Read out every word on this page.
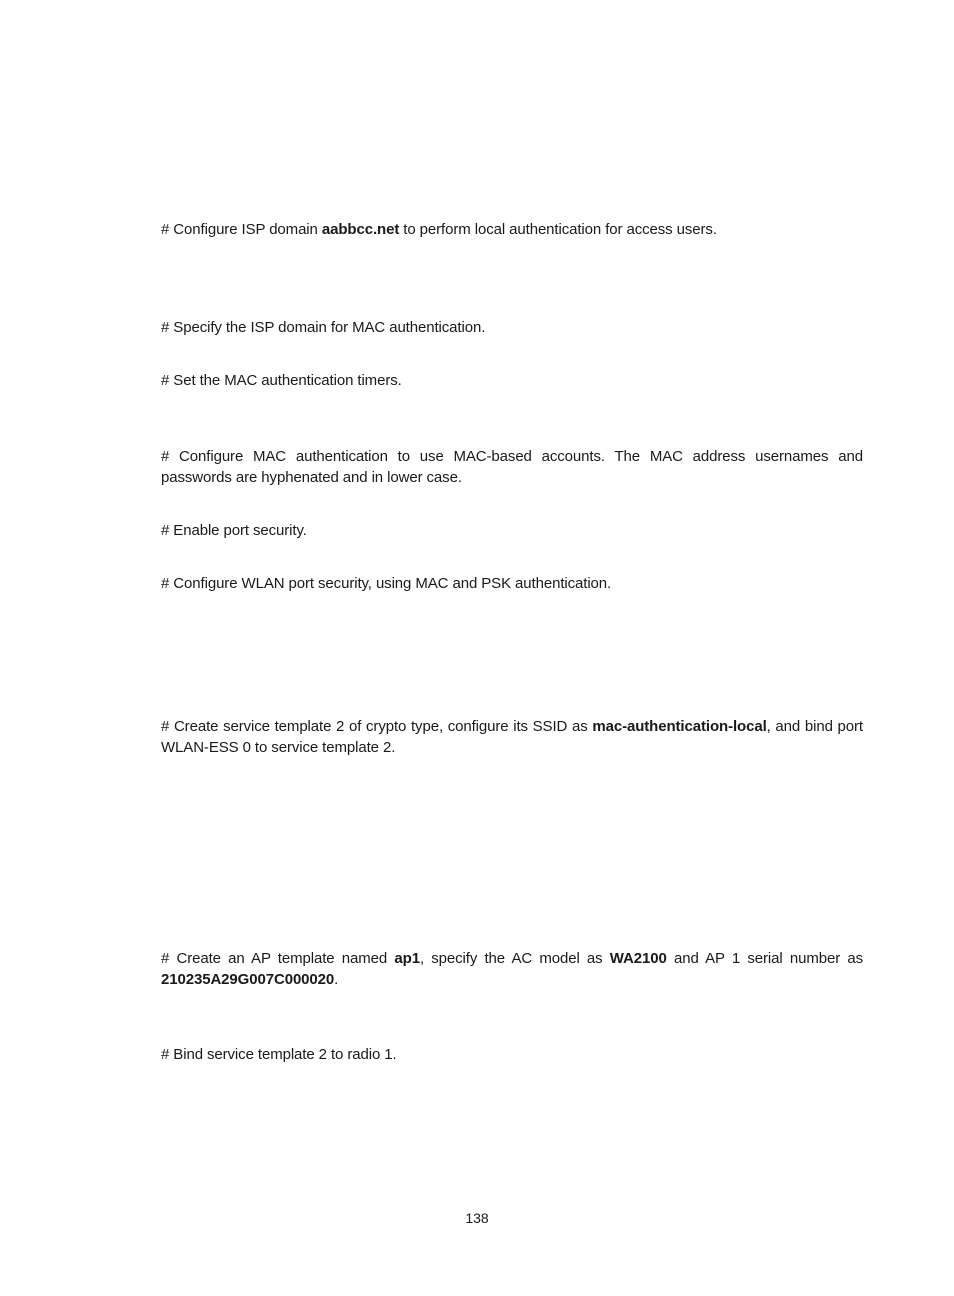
# Configure ISP domain aabbcc.net to perform local authentication for access users.

# Specify the ISP domain for MAC authentication.

# Set the MAC authentication timers.

# Configure MAC authentication to use MAC-based accounts. The MAC address usernames and passwords are hyphenated and in lower case.

# Enable port security.

# Configure WLAN port security, using MAC and PSK authentication.

# Create service template 2 of crypto type, configure its SSID as mac-authentication-local, and bind port WLAN-ESS 0 to service template 2.

# Create an AP template named ap1, specify the AC model as WA2100 and AP 1 serial number as 210235A29G007C000020.

# Bind service template 2 to radio 1.

138
